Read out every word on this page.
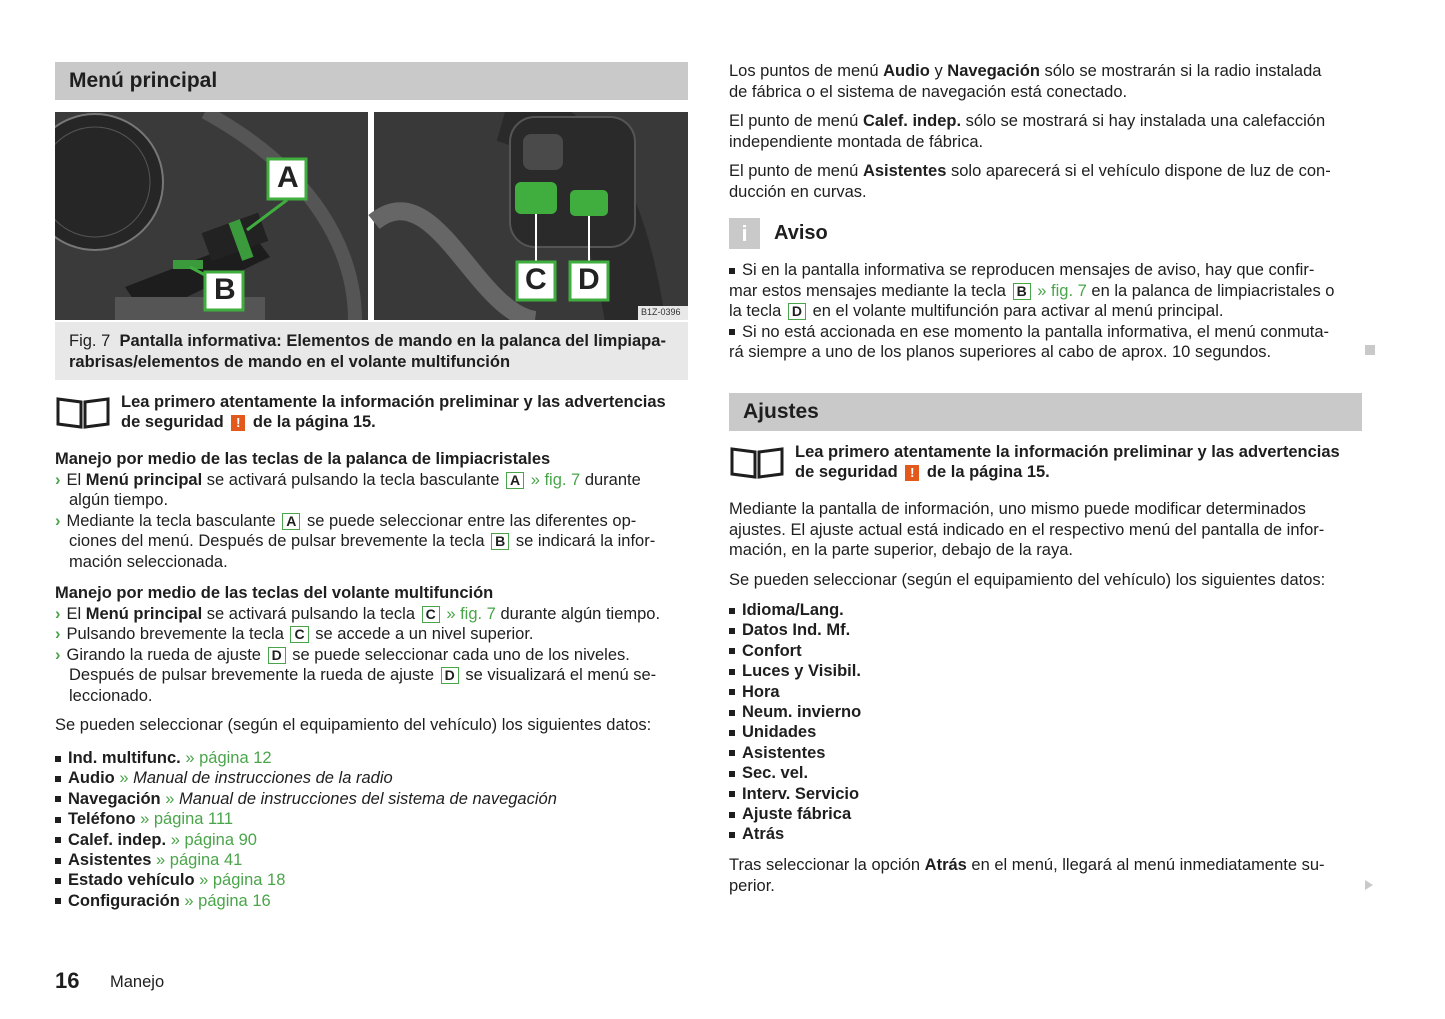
Menú principal
A
B	C D
B1Z-0396
Fig. 7 Pantalla informativa: Elementos de mando en la palanca del limpiapa-
rabrisas/elementos de mando en el volante multifunción
Lea primero atentamente la información preliminar y las advertencias
de seguridad ! de la página 15.
Manejo por medio de las teclas de la palanca de limpiacristales
› El Menú principal se activará pulsando la tecla basculante A » fig. 7 durante
algún tiempo.
› Mediante la tecla basculante A se puede seleccionar entre las diferentes op-
ciones del menú. Después de pulsar brevemente la tecla B se indicará la infor-
mación seleccionada.
Manejo por medio de las teclas del volante multifunción
› El Menú principal se activará pulsando la tecla C » fig. 7 durante algún tiempo.
› Pulsando brevemente la tecla C se accede a un nivel superior.
› Girando la rueda de ajuste D se puede seleccionar cada uno de los niveles.
Después de pulsar brevemente la rueda de ajuste D se visualizará el menú se-
leccionado.
Se pueden seleccionar (según el equipamiento del vehículo) los siguientes datos:
Ind. multifunc. » página 12
Audio » Manual de instrucciones de la radio
Navegación » Manual de instrucciones del sistema de navegación
Teléfono » página 111
Calef. indep. » página 90
Asistentes » página 41
Estado vehículo » página 18
Configuración » página 16
Los puntos de menú Audio y Navegación sólo se mostrarán si la radio instalada
de fábrica o el sistema de navegación está conectado.
El punto de menú Calef. indep. sólo se mostrará si hay instalada una calefacción
independiente montada de fábrica.
El punto de menú Asistentes solo aparecerá si el vehículo dispone de luz de con-
ducción en curvas.
i	Aviso
Si en la pantalla informativa se reproducen mensajes de aviso, hay que confir-
mar estos mensajes mediante la tecla B » fig. 7 en la palanca de limpiacristales o
la tecla D en el volante multifunción para activar al menú principal.
Si no está accionada en ese momento la pantalla informativa, el menú conmuta-
rá siempre a uno de los planos superiores al cabo de aprox. 10 segundos.
Ajustes
Lea primero atentamente la información preliminar y las advertencias
de seguridad ! de la página 15.
Mediante la pantalla de información, uno mismo puede modificar determinados
ajustes. El ajuste actual está indicado en el respectivo menú del pantalla de infor-
mación, en la parte superior, debajo de la raya.
Se pueden seleccionar (según el equipamiento del vehículo) los siguientes datos:
Idioma/Lang.
Datos Ind. Mf.
Confort
Luces y Visibil.
Hora
Neum. invierno
Unidades
Asistentes
Sec. vel.
Interv. Servicio
Ajuste fábrica
Atrás
Tras seleccionar la opción Atrás en el menú, llegará al menú inmediatamente su-
perior.
16 Manejo
